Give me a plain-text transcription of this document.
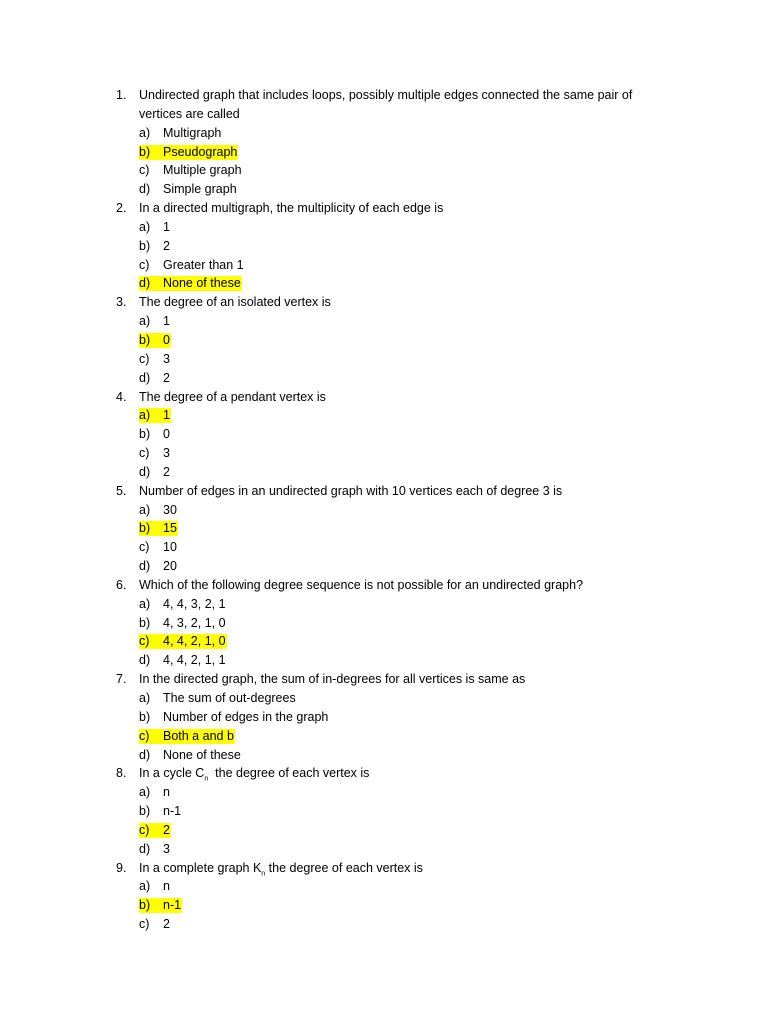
1. Undirected graph that includes loops, possibly multiple edges connected the same pair of
vertices are called
a) Multigraph
b) Pseudograph
c) Multiple graph
d) Simple graph
2. In a directed multigraph, the multiplicity of each edge is
a) 1
b) 2
c) Greater than 1
d) None of these
3. The degree of an isolated vertex is
a) 1
b) 0
c) 3
d) 2
4. The degree of a pendant vertex is
a) 1
b) 0
c) 3
d) 2
5. Number of edges in an undirected graph with 10 vertices each of degree 3 is
a) 30
b) 15
c) 10
d) 20
6. Which of the following degree sequence is not possible for an undirected graph?
a) 4, 4, 3, 2, 1
b) 4, 3, 2, 1, 0
c) 4, 4, 2, 1, 0
d) 4, 4, 2, 1, 1
7. In the directed graph, the sum of in-degrees for all vertices is same as
a) The sum of out-degrees
b) Number of edges in the graph
c) Both a and b
d) None of these
8. In a cycle $C_n$  the degree of each vertex is
a) n
b) n-1
c) 2
d) 3
9. In a complete graph $K_n$ the degree of each vertex is
a) n
b) n-1
c) 2
